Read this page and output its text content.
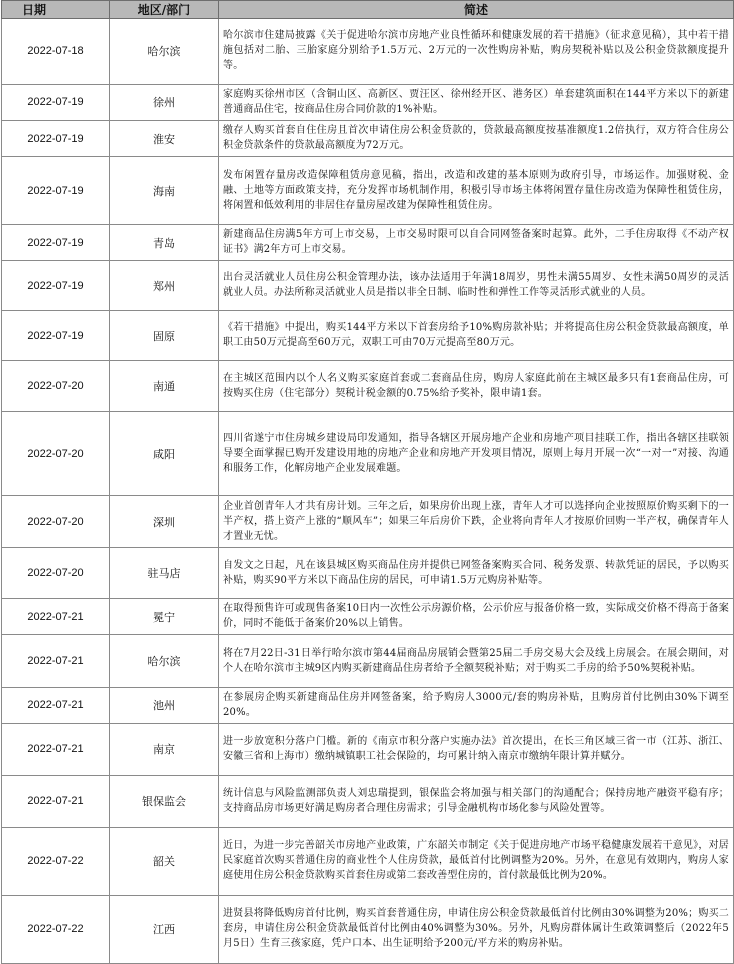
日期	地区/部门	简述
2022-07-18	哈尔滨	哈尔滨市住建局披露《关于促进哈尔滨市房地产业良性循环和健康发展的若干措施》（征求意见稿），其中若干措施包括对二胎、三胎家庭分别给予1.5万元、2万元的一次性购房补贴，购房契税补贴以及公积金贷款额度提升等。
2022-07-19	徐州	家庭购买徐州市区（含铜山区、高新区、贾汪区、徐州经开区、港务区）单套建筑面积在144平方米以下的新建普通商品住宅，按商品住房合同价款的1%补贴。
2022-07-19	淮安	缴存人购买首套自住住房且首次申请住房公积金贷款的，贷款最高额度按基准额度1.2倍执行，双方符合住房公积金贷款条件的贷款最高额度为72万元。
2022-07-19	海南	发布闲置存量房改造保障租赁房意见稿，指出，改造和改建的基本原则为政府引导，市场运作。加强财税、金融、土地等方面政策支持，充分发挥市场机制作用，积极引导市场主体将闲置存量住房改造为保障性租赁住房，将闲置和低效利用的非居住存量房屋改建为保障性租赁住房。
2022-07-19	青岛	新建商品住房满5年方可上市交易，上市交易时限可以自合同网签备案时起算。此外，二手住房取得《不动产权证书》满2年方可上市交易。
2022-07-19	郑州	出台灵活就业人员住房公积金管理办法，该办法适用于年满18周岁，男性未满55周岁、女性未满50周岁的灵活就业人员。办法所称灵活就业人员是指以非全日制、临时性和弹性工作等灵活形式就业的人员。
2022-07-19	固原	《若干措施》中提出，购买144平方米以下首套房给予10%购房款补贴；并将提高住房公积金贷款最高额度，单职工由50万元提高至60万元，双职工可由70万元提高至80万元。
2022-07-20	南通	在主城区范围内以个人名义购买家庭首套或二套商品住房，购房人家庭此前在主城区最多只有1套商品住房，可按购买住房（住宅部分）契税计税金额的0.75%给予奖补，限申请1套。
2022-07-20	咸阳	四川省遂宁市住房城乡建设局印发通知，指导各辖区开展房地产企业和房地产项目挂联工作，指出各辖区挂联领导要全面掌握已购开发建设用地的房地产企业和房地产开发项目情况，原则上每月开展一次“一对一”对接、沟通和服务工作，化解房地产企业发展难题。
2022-07-20	深圳	企业首创青年人才共有房计划。三年之后，如果房价出现上涨，青年人才可以选择向企业按照原价购买剩下的一半产权，搭上资产上涨的“顺风车”；如果三年后房价下跌，企业将向青年人才按原价回购一半产权，确保青年人才置业无忧。
2022-07-20	驻马店	自发文之日起，凡在该县城区购买商品住房并提供已网签备案购买合同、税务发票、转款凭证的居民，予以购买补贴，购买90平方米以下商品住房的居民，可申请1.5万元购房补贴等。
2022-07-21	冕宁	在取得预售许可或现售备案10日内一次性公示房源价格，公示价应与报备价格一致，实际成交价格不得高于备案价，同时不能低于备案价20%以上销售。
2022-07-21	哈尔滨	将在7月22日-31日举行哈尔滨市第44届商品房展销会暨第25届二手房交易大会及线上房展会。在展会期间，对个人在哈尔滨市主城9区内购买新建商品住房者给予全额契税补贴；对于购买二手房的给予50%契税补贴。
2022-07-21	池州	在参展房企购买新建商品住房并网签备案，给予购房人3000元/套的购房补贴，且购房首付比例由30%下调至20%。
2022-07-21	南京	进一步放宽积分落户门槛。新的《南京市积分落户实施办法》首次提出，在长三角区域三省一市（江苏、浙江、安徽三省和上海市）缴纳城镇职工社会保险的，均可累计纳入南京市缴纳年限计算并赋分。
2022-07-21	银保监会	统计信息与风险监测部负责人刘忠瑞提到，银保监会将加强与相关部门的沟通配合；保持房地产融资平稳有序；支持商品房市场更好满足购房者合理住房需求；引导金融机构市场化参与风险处置等。
2022-07-22	韶关	近日，为进一步完善韶关市房地产业政策，广东韶关市制定《关于促进房地产市场平稳健康发展若干意见》，对居民家庭首次购买普通住房的商业性个人住房贷款，最低首付比例调整为20%。另外，在意见有效期内，购房人家庭使用住房公积金贷款购买首套住房或第二套改善型住房的，首付款最低比例为20%。
2022-07-22	江西	进贤县将降低购房首付比例，购买首套普通住房，申请住房公积金贷款最低首付比例由30%调整为20%；购买二套房，申请住房公积金贷款最低首付比例由40%调整为30%。另外，凡购房群体属计生政策调整后（2022年5月5日）生育三孩家庭，凭户口本、出生证明给予200元/平方米的购房补贴。
